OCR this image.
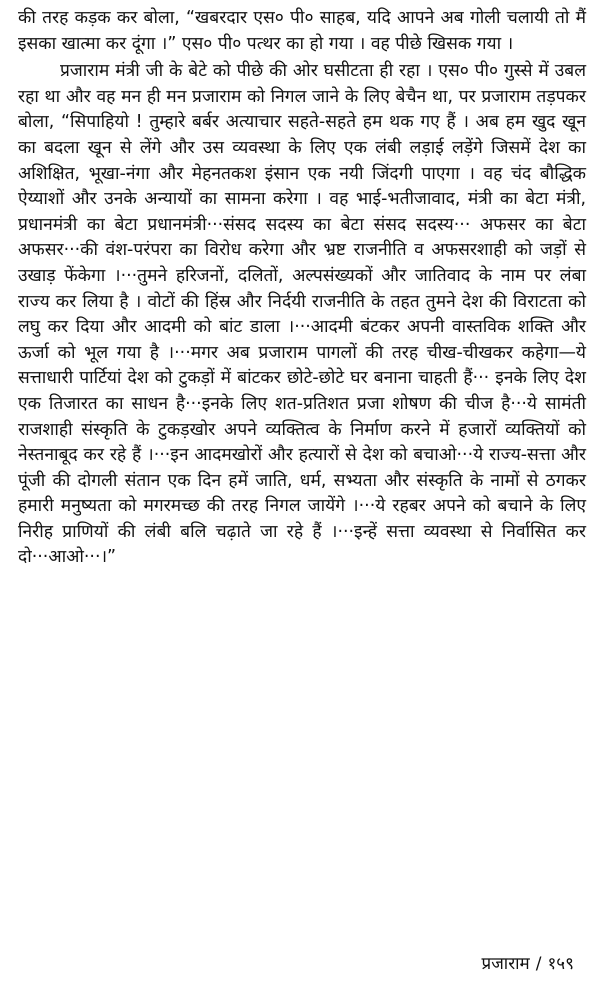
की तरह कड़क कर बोला, “खबरदार एस० पी० साहब, यदि आपने अब गोली चलायी तो मैं इसका खात्मा कर दूंगा ।” एस० पी० पत्थर का हो गया । वह पीछे खिसक गया ।

प्रजाराम मंत्री जी के बेटे को पीछे की ओर घसीटता ही रहा । एस० पी० गुस्से में उबल रहा था और वह मन ही मन प्रजाराम को निगल जाने के लिए बेचैन था, पर प्रजाराम तड़पकर बोला, “सिपाहियो ! तुम्हारे बर्बर अत्याचार सहते-सहते हम थक गए हैं । अब हम खुद खून का बदला खून से लेंगे और उस व्यवस्था के लिए एक लंबी लड़ाई लड़ेंगे जिसमें देश का अशिक्षित, भूखा-नंगा और मेहनतकश इंसान एक नयी जिंदगी पाएगा । वह चंद बौद्धिक ऐय्याशों और उनके अन्यायों का सामना करेगा । वह भाई-भतीजावाद, मंत्री का बेटा मंत्री, प्रधानमंत्री का बेटा प्रधानमंत्री···संसद सदस्य का बेटा संसद सदस्य··· अफसर का बेटा अफसर···की वंश-परंपरा का विरोध करेगा और भ्रष्ट राजनीति व अफसरशाही को जड़ों से उखाड़ फेंकेगा ।···तुमने हरिजनों, दलितों, अल्पसंख्यकों और जातिवाद के नाम पर लंबा राज्य कर लिया है । वोटों की हिंस्र और निर्दयी राजनीति के तहत तुमने देश की विराटता को लघु कर दिया और आदमी को बांट डाला ।···आदमी बंटकर अपनी वास्तविक शक्ति और ऊर्जा को भूल गया है ।···मगर अब प्रजाराम पागलों की तरह चीख-चीखकर कहेगा—ये सत्ताधारी पार्टियां देश को टुकड़ों में बांटकर छोटे-छोटे घर बनाना चाहती हैं··· इनके लिए देश एक तिजारत का साधन है···इनके लिए शत-प्रतिशत प्रजा शोषण की चीज है···ये सामंती राजशाही संस्कृति के टुकड़खोर अपने व्यक्तित्व के निर्माण करने में हजारों व्यक्तियों को नेस्तनाबूद कर रहे हैं ।···इन आदमखोरों और हत्यारों से देश को बचाओ···ये राज्य-सत्ता और पूंजी की दोगली संतान एक दिन हमें जाति, धर्म, सभ्यता और संस्कृति के नामों से ठगकर हमारी मनुष्यता को मगरमच्छ की तरह निगल जायेंगे ।···ये रहबर अपने को बचाने के लिए निरीह प्राणियों की लंबी बलि चढ़ाते जा रहे हैं ।···इन्हें सत्ता व्यवस्था से निर्वासित कर दो···आओ···।”

प्रजाराम / १५९
